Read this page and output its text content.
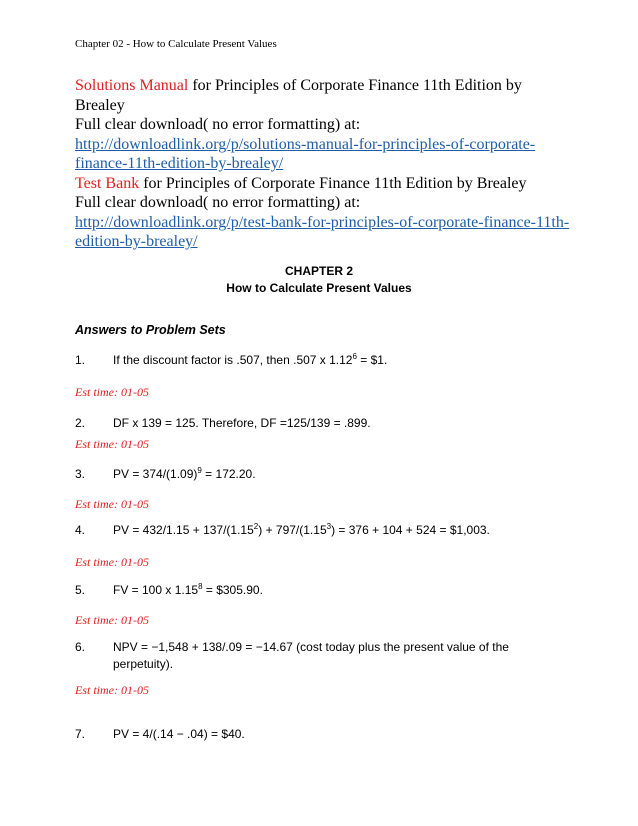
Chapter 02 - How to Calculate Present Values
Solutions Manual for Principles of Corporate Finance 11th Edition by Brealey
Full clear download( no error formatting) at:
http://downloadlink.org/p/solutions-manual-for-principles-of-corporate-finance-11th-edition-by-brealey/
Test Bank for Principles of Corporate Finance 11th Edition by Brealey
Full clear download( no error formatting) at:
http://downloadlink.org/p/test-bank-for-principles-of-corporate-finance-11th-edition-by-brealey/
CHAPTER 2
How to Calculate Present Values
Answers to Problem Sets
1. If the discount factor is .507, then .507 x $1.12^6$ = $1.
Est time: 01-05
2. DF x 139 = 125. Therefore, DF =125/139 = .899.
Est time: 01-05
3. PV = $374/(1.09)^9 = 172.20$.
Est time: 01-05
4. PV = $432/1.15 + 137/(1.15^2) + 797/(1.15^3) = 376 + 104 + 524$ = $1,003.
Est time: 01-05
5. FV = 100 x $1.15^8$ = $305.90.
Est time: 01-05
6. NPV = −1,548 + 138/.09 = −14.67 (cost today plus the present value of the perpetuity).
Est time: 01-05
7. PV = 4/(.14 − .04) = $40.
